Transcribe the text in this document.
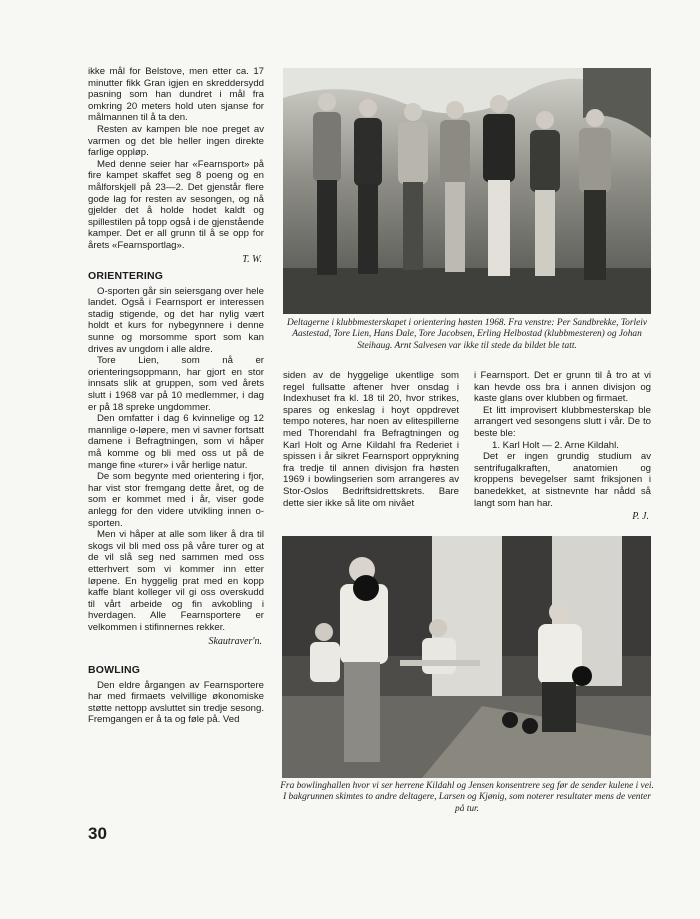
ikke mål for Belstove, men etter ca. 17 minutter fikk Gran igjen en skreddersydd pasning som han dundret i mål fra omkring 20 meters hold uten sjanse for målmannen til å ta den.

Resten av kampen ble noe preget av varmen og det ble heller ingen direkte farlige oppløp.

Med denne seier har «Fearnsport» på fire kampet skaffet seg 8 poeng og en målforskjell på 23—2. Det gjenstår flere gode lag for resten av sesongen, og nå gjelder det å holde hodet kaldt og spillestilen på topp også i de gjenstående kamper. Det er all grunn til å se opp for årets «Fearnsportlag».

T. W.
ORIENTERING

O-sporten går sin seiersgang over hele landet. Også i Fearnsport er interessen stadig stigende, og det har nylig vært holdt et kurs for nybegynnere i denne sunne og morsomme sport som kan drives av ungdom i alle aldre.

Tore Lien, som nå er orienteringsoppmann, har gjort en stor innsats slik at gruppen, som ved årets slutt i 1968 var på 10 medlemmer, i dag er på 18 spreke ungdommer.

Den omfatter i dag 6 kvinnelige og 12 mannlige o-løpere, men vi savner fortsatt damene i Befragtningen, som vi håper må komme og bli med oss ut på de mange fine «turer» i vår herlige natur.

De som begynte med orientering i fjor, har vist stor fremgang dette året, og de som er kommet med i år, viser gode anlegg for den videre utvikling innen o-sporten.

Men vi håper at alle som liker å dra til skogs vil bli med oss på våre turer og at de vil slå seg ned sammen med oss etterhvert som vi kommer inn etter løpene. En hyggelig prat med en kopp kaffe blant kolleger vil gi oss overskudd til vårt arbeide og fin avkobling i hverdagen. Alle Fearnsportere er velkommen i stifinnernes rekker.

Skautraver'n.
BOWLING

Den eldre årgangen av Fearnsportere har med firmaets velvillige økonomiske støtte nettopp avsluttet sin tredje sesong. Fremgangen er å ta og føle på. Ved

Deltagerne i klubbmesterskapet i orientering høsten 1968. Fra venstre: Per Sandbrekke, Torleiv Aastestad, Tore Lien, Hans Dale, Tore Jacobsen, Erling Helbostad (klubbmesteren) og Johan Steihaug. Arnt Salvesen var ikke til stede da bildet ble tatt.

siden av de hyggelige ukentlige som regel fullsatte aftener hver onsdag i Indexhuset fra kl. 18 til 20, hvor strikes, spares og enkeslag i hoyt oppdrevet tempo noteres, har noen av elitespillerne med Thorendahl fra Befragtningen og Karl Holt og Arne Kildahl fra Rederiet i spissen i år sikret Fearnsport opprykning fra tredje til annen divisjon fra høsten 1969 i bowlingserien som arrangeres av Stor-Oslos Bedriftsidrettskrets. Bare dette sier ikke så lite om nivået

i Fearnsport. Det er grunn til å tro at vi kan hevde oss bra i annen divisjon og kaste glans over klubben og firmaet.

Et litt improvisert klubbmesterskap ble arrangert ved sesongens slutt i vår. De to beste ble:

1. Karl Holt — 2. Arne Kildahl.

Det er ingen grundig studium av sentrifugalkraften, anatomien og kroppens bevegelser samt friksjonen i banedekket, at sistnevnte har nådd så langt som han har.

P. J.
Fra bowlinghallen hvor vi ser herrene Kildahl og Jensen konsentrere seg før de sender kulene i vei. I bakgrunnen skimtes to andre deltagere, Larsen og Kjønig, som noterer resultater mens de venter på tur.
30
